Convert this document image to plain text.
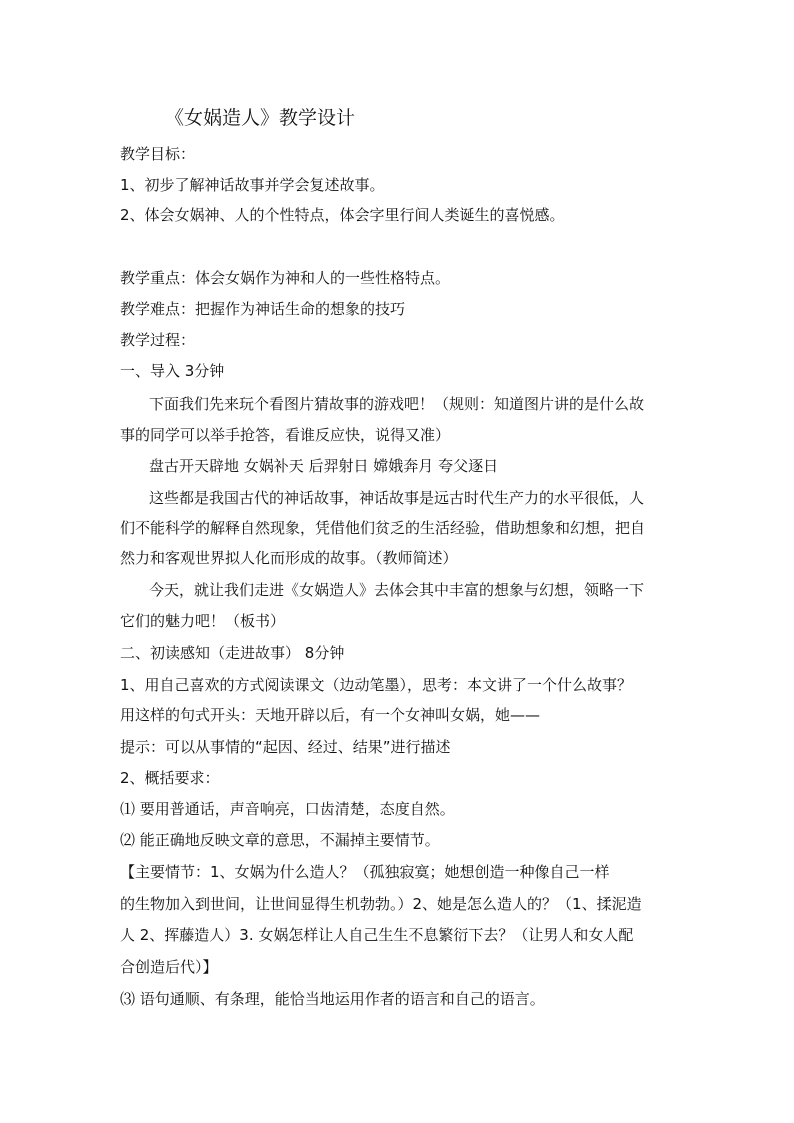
《女娲造人》教学设计
教学目标：
1、初步了解神话故事并学会复述故事。
2、体会女娲神、人的个性特点，体会字里行间人类诞生的喜悦感。
教学重点：体会女娲作为神和人的一些性格特点。
教学难点：把握作为神话生命的想象的技巧
教学过程：
一、导入 3分钟
下面我们先来玩个看图片猜故事的游戏吧！（规则：知道图片讲的是什么故
事的同学可以举手抢答，看谁反应快，说得又准）
盘古开天辟地 女娲补天 后羿射日 嫦娥奔月 夸父逐日
这些都是我国古代的神话故事，神话故事是远古时代生产力的水平很低，人
们不能科学的解释自然现象，凭借他们贫乏的生活经验，借助想象和幻想，把自
然力和客观世界拟人化而形成的故事。（教师简述）
今天，就让我们走进《女娲造人》去体会其中丰富的想象与幻想，领略一下
它们的魅力吧！（板书）
二、初读感知（走进故事） 8分钟
1、用自己喜欢的方式阅读课文（边动笔墨），思考：本文讲了一个什么故事？
用这样的句式开头：天地开辟以后，有一个女神叫女娲，她——
提示：可以从事情的“起因、经过、结果”进行描述
2、概括要求：
⑴ 要用普通话，声音响亮，口齿清楚，态度自然。
⑵ 能正确地反映文章的意思，不漏掉主要情节。
【主要情节：1、女娲为什么造人？（孤独寂寞；她想创造一种像自己一样
的生物加入到世间，让世间显得生机勃勃。）2、她是怎么造人的？（1、揉泥造
人 2、挥藤造人）3. 女娲怎样让人自己生生不息繁衍下去？（让男人和女人配
合创造后代）】
⑶ 语句通顺、有条理，能恰当地运用作者的语言和自己的语言。
